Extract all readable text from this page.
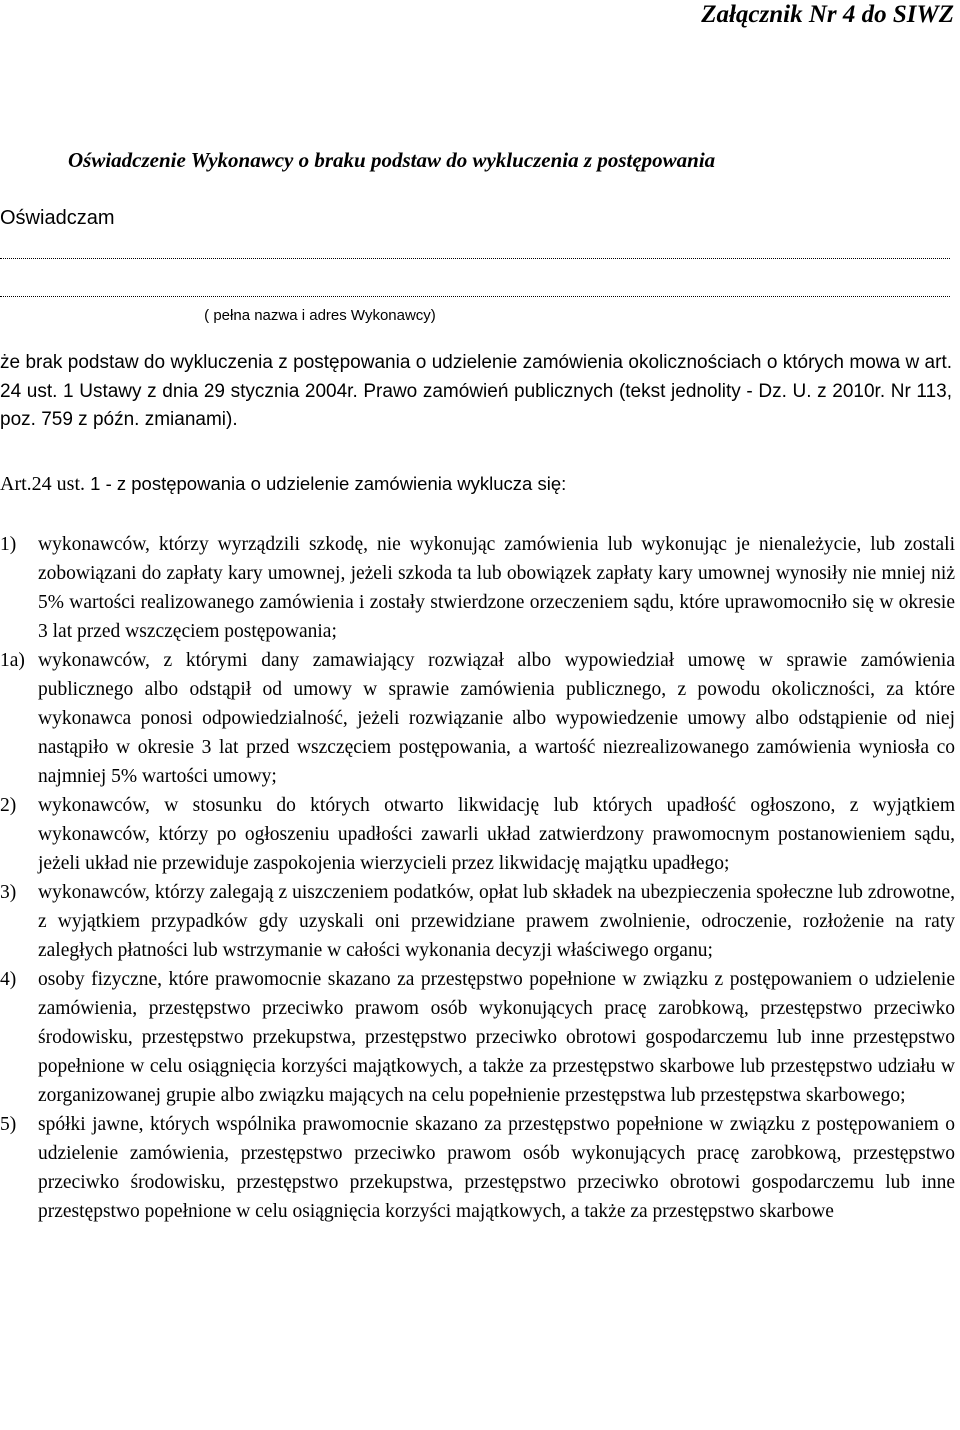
Załącznik Nr 4 do SIWZ
Oświadczenie Wykonawcy o braku podstaw do wykluczenia z postępowania
Oświadczam
( pełna nazwa i adres Wykonawcy)

że brak podstaw do wykluczenia z postępowania o udzielenie zamówienia okolicznościach o których mowa w art. 24 ust. 1 Ustawy z dnia 29 stycznia 2004r. Prawo zamówień publicznych (tekst jednolity - Dz. U. z 2010r. Nr 113, poz. 759 z późn. zmianami).

Art.24 ust. 1 - z postępowania o udzielenie zamówienia wyklucza się:

1) wykonawców, którzy wyrządzili szkodę, nie wykonując zamówienia lub wykonując je nienależycie, lub zostali zobowiązani do zapłaty kary umownej, jeżeli szkoda ta lub obowiązek zapłaty kary umownej wynosiły nie mniej niż 5% wartości realizowanego zamówienia i zostały stwierdzone orzeczeniem sądu, które uprawomocniło się w okresie 3 lat przed wszczęciem postępowania;
1a) wykonawców, z którymi dany zamawiający rozwiązał albo wypowiedział umowę w sprawie zamówienia publicznego albo odstąpił od umowy w sprawie zamówienia publicznego, z powodu okoliczności, za które wykonawca ponosi odpowiedzialność, jeżeli rozwiązanie albo wypowiedzenie umowy albo odstąpienie od niej nastąpiło w okresie 3 lat przed wszczęciem postępowania, a wartość niezrealizowanego zamówienia wyniosła co najmniej 5% wartości umowy;
2) wykonawców, w stosunku do których otwarto likwidację lub których upadłość ogłoszono, z wyjątkiem wykonawców, którzy po ogłoszeniu upadłości zawarli układ zatwierdzony prawomocnym postanowieniem sądu, jeżeli układ nie przewiduje zaspokojenia wierzycieli przez likwidację majątku upadłego;
3) wykonawców, którzy zalegają z uiszczeniem podatków, opłat lub składek na ubezpieczenia społeczne lub zdrowotne, z wyjątkiem przypadków gdy uzyskali oni przewidziane prawem zwolnienie, odroczenie, rozłożenie na raty zaległych płatności lub wstrzymanie w całości wykonania decyzji właściwego organu;
4) osoby fizyczne, które prawomocnie skazano za przestępstwo popełnione w związku z postępowaniem o udzielenie zamówienia, przestępstwo przeciwko prawom osób wykonujących pracę zarobkową, przestępstwo przeciwko środowisku, przestępstwo przekupstwa, przestępstwo przeciwko obrotowi gospodarczemu lub inne przestępstwo popełnione w celu osiągnięcia korzyści majątkowych, a także za przestępstwo skarbowe lub przestępstwo udziału w zorganizowanej grupie albo związku mających na celu popełnienie przestępstwa lub przestępstwa skarbowego;
5) spółki jawne, których wspólnika prawomocnie skazano za przestępstwo popełnione w związku z postępowaniem o udzielenie zamówienia, przestępstwo przeciwko prawom osób wykonujących pracę zarobkową, przestępstwo przeciwko środowisku, przestępstwo przekupstwa, przestępstwo przeciwko obrotowi gospodarczemu lub inne przestępstwo popełnione w celu osiągnięcia korzyści majątkowych, a także za przestępstwo skarbowe
